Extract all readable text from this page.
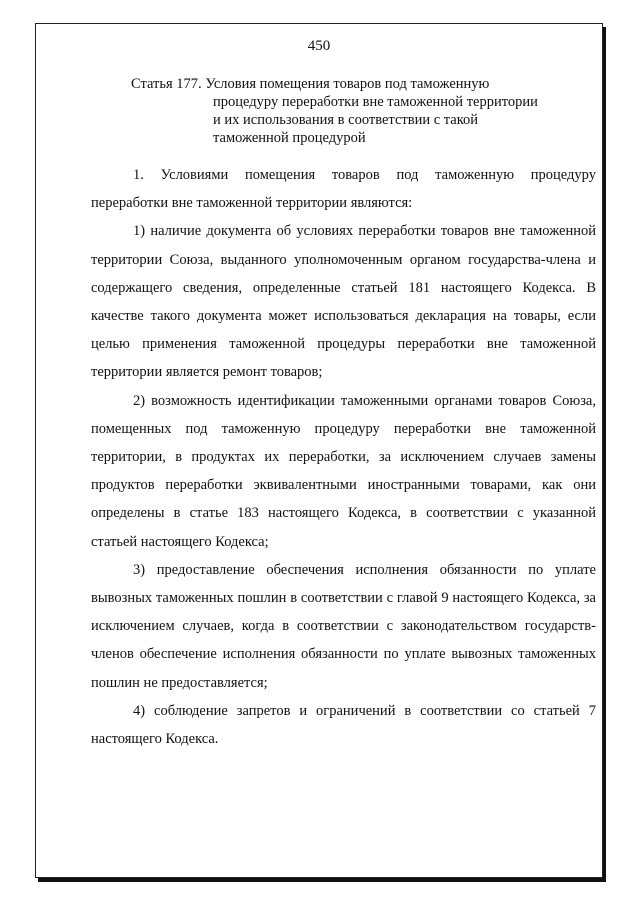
450
Статья 177. Условия помещения товаров под таможенную
процедуру переработки вне таможенной территории
и их использования в соответствии с такой
таможенной процедурой

1. Условиями помещения товаров под таможенную процедуру переработки вне таможенной территории являются:

1) наличие документа об условиях переработки товаров вне таможенной территории Союза, выданного уполномоченным органом государства-члена и содержащего сведения, определенные статьей 181 настоящего Кодекса. В качестве такого документа может использоваться декларация на товары, если целью применения таможенной процедуры переработки вне таможенной территории является ремонт товаров;

2) возможность идентификации таможенными органами товаров Союза, помещенных под таможенную процедуру переработки вне таможенной территории, в продуктах их переработки, за исключением случаев замены продуктов переработки эквивалентными иностранными товарами, как они определены в статье 183 настоящего Кодекса, в соответствии с указанной статьей настоящего Кодекса;

3) предоставление обеспечения исполнения обязанности по уплате вывозных таможенных пошлин в соответствии с главой 9 настоящего Кодекса, за исключением случаев, когда в соответствии с законодательством государств-членов обеспечение исполнения обязанности по уплате вывозных таможенных пошлин не предоставляется;

4) соблюдение запретов и ограничений в соответствии со статьей 7 настоящего Кодекса.
